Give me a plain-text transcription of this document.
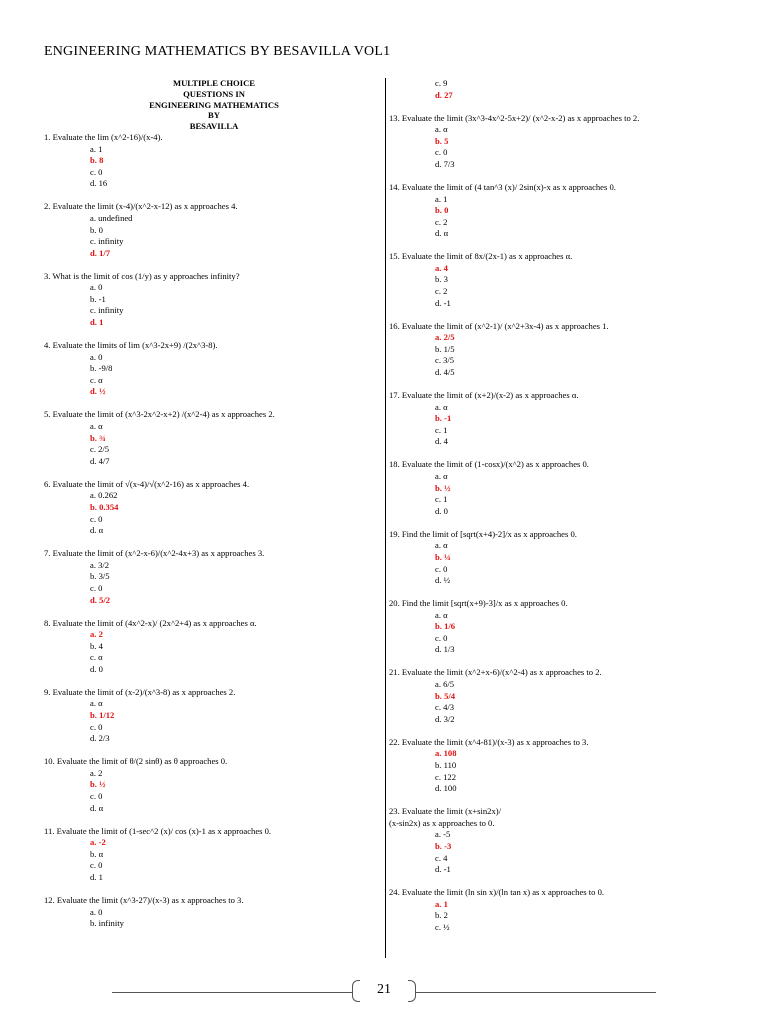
ENGINEERING MATHEMATICS BY BESAVILLA VOL1
MULTIPLE CHOICE
QUESTIONS IN
ENGINEERING MATHEMATICS
BY
BESAVILLA
1. Evaluate the lim (x^2-16)/(x-4).
a. 1
b. 8
c. 0
d. 16
2. Evaluate the limit (x-4)/(x^2-x-12) as x approaches 4.
a. undefined
b. 0
c. infinity
d. 1/7
3. What is the limit of cos (1/y) as y approaches infinity?
a. 0
b. -1
c. infinity
d. 1
4. Evaluate the limits of lim (x^3-2x+9) /(2x^3-8).
a. 0
b. -9/8
c. α
d. ½
5. Evaluate the limit of (x^3-2x^2-x+2) /(x^2-4) as x approaches 2.
a. α
b. ¾
c. 2/5
d. 4/7
6. Evaluate the limit of √(x-4)/√(x^2-16) as x approaches 4.
a. 0.262
b. 0.354
c. 0
d. α
7. Evaluate the limit of (x^2-x-6)/(x^2-4x+3) as x approaches 3.
a. 3/2
b. 3/5
c. 0
d. 5/2
8. Evaluate the limit of (4x^2-x)/ (2x^2+4) as x approaches α.
a. 2
b. 4
c. α
d. 0
9. Evaluate the limit of (x-2)/(x^3-8) as x approaches 2.
a. α
b. 1/12
c. 0
d. 2/3
10. Evaluate the limit of θ/(2 sinθ) as θ approaches 0.
a. 2
b. ½
c. 0
d. α
11. Evaluate the limit of (1-sec^2 (x)/ cos (x)-1 as x approaches 0.
a. -2
b. α
c. 0
d. 1
12. Evaluate the limit (x^3-27)/(x-3) as x approaches to 3.
a. 0
b. infinity
c. 9
d. 27
13. Evaluate the limit (3x^3-4x^2-5x+2)/ (x^2-x-2) as x approaches to 2.
a. α
b. 5
c. 0
d. 7/3
14. Evaluate the limit of (4 tan^3 (x)/ 2sin(x)-x as x approaches 0.
a. 1
b. 0
c. 2
d. α
15. Evaluate the limit of 8x/(2x-1) as x approaches α.
a. 4
b. 3
c. 2
d. -1
16. Evaluate the limit of (x^2-1)/ (x^2+3x-4) as x approaches 1.
a. 2/5
b. 1/5
c. 3/5
d. 4/5
17. Evaluate the limit of (x+2)/(x-2) as x approaches α.
a. α
b. -1
c. 1
d. 4
18. Evaluate the limit of (1-cosx)/(x^2) as x approaches 0.
a. α
b. ½
c. 1
d. 0
19. Find the limit of [sqrt(x+4)-2]/x as x approaches 0.
a. α
b. ¼
c. 0
d. ½
20. Find the limit [sqrt(x+9)-3]/x as x approaches 0.
a. α
b. 1/6
c. 0
d. 1/3
21. Evaluate the limit (x^2+x-6)/(x^2-4) as x approaches to 2.
a. 6/5
b. 5/4
c. 4/3
d. 3/2
22. Evaluate the limit (x^4-81)/(x-3) as x approaches to 3.
a. 108
b. 110
c. 122
d. 100
23. Evaluate the limit (x+sin2x)/
(x-sin2x) as x approaches to 0.
a. -5
b. -3
c. 4
d. -1
24. Evaluate the limit (ln sin x)/(ln tan x) as x approaches to 0.
a. 1
b. 2
c. ½
21
